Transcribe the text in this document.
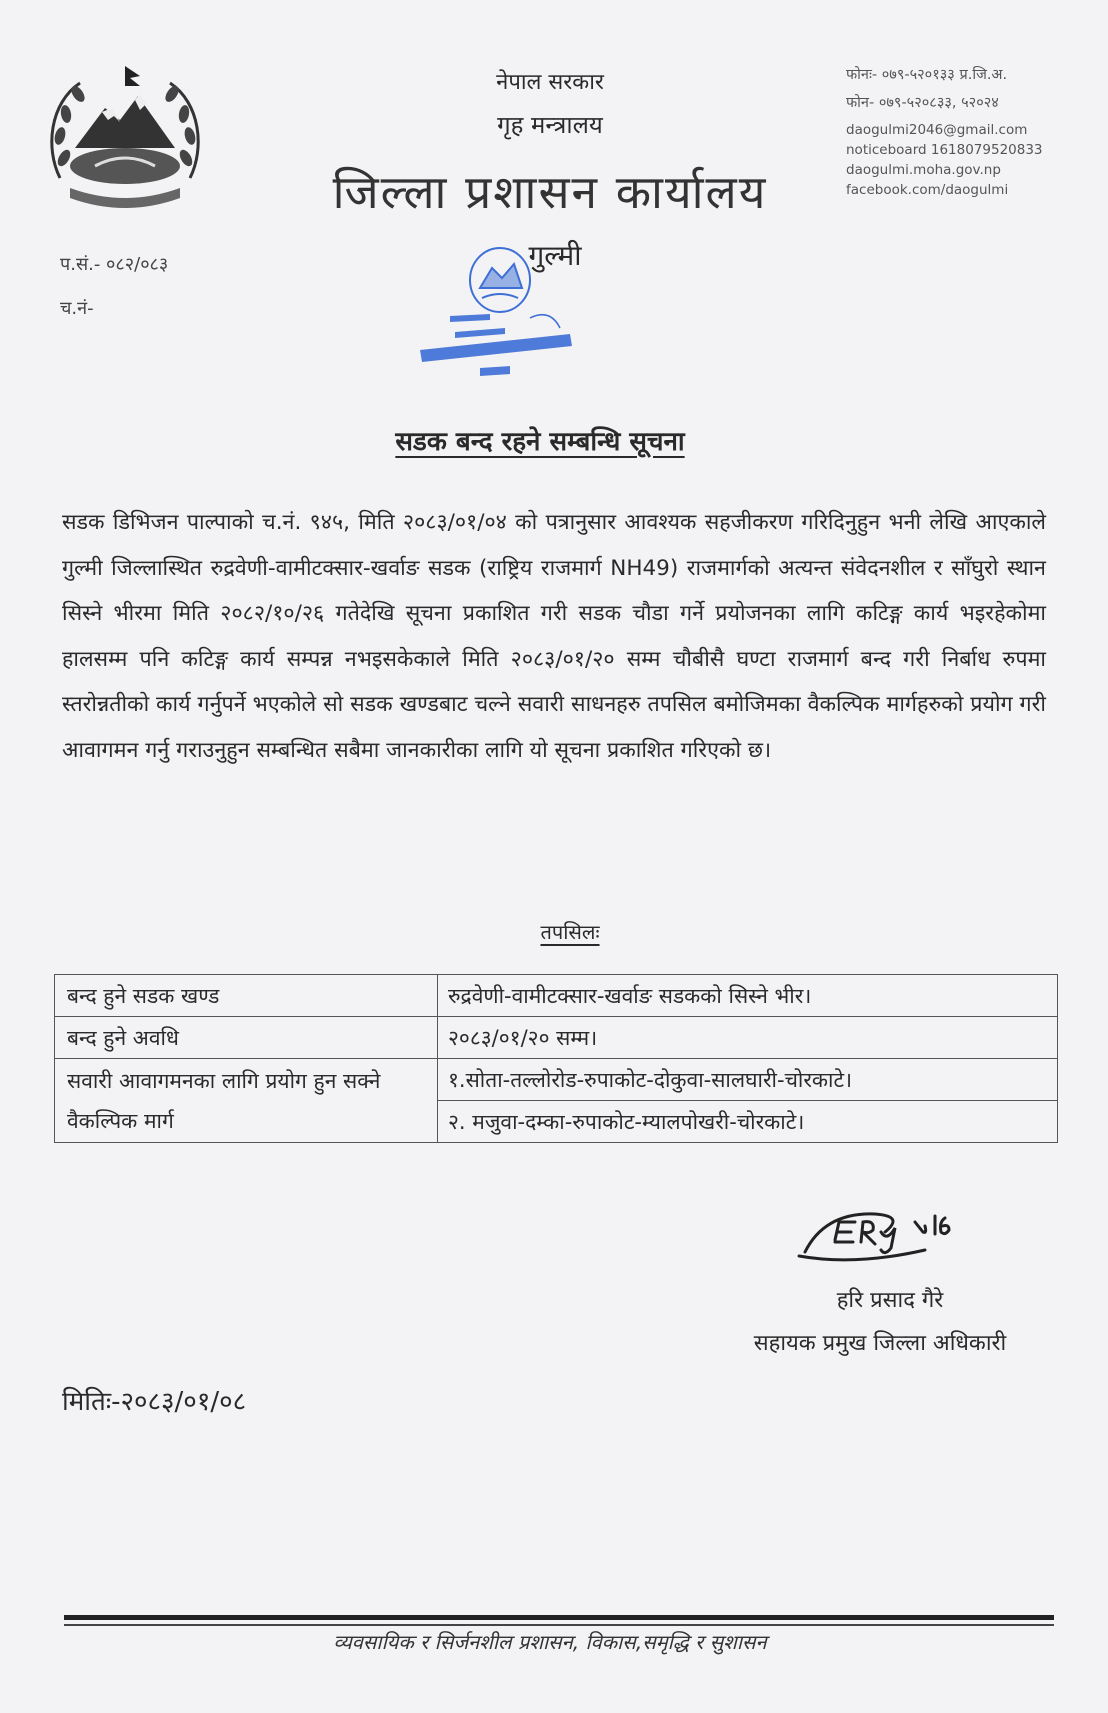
नेपाल सरकार
गृह मन्त्रालय
जिल्ला प्रशासन कार्यालय
गुल्मी
फोनः- ०७९-५२०१३३ प्र.जि.अ.
फोन- ०७९-५२०८३३, ५२०२४
daogulmi2046@gmail.com
noticeboard 1618079520833
daogulmi.moha.gov.np
facebook.com/daogulmi
प.सं.- ०८२/०८३
च.नं-
सडक बन्द रहने सम्बन्धि सूचना
सडक डिभिजन पाल्पाको च.नं. ९४५, मिति २०८३/०१/०४ को पत्रानुसार आवश्यक सहजीकरण गरिदिनुहुन भनी लेखि आएकाले गुल्मी जिल्लास्थित रुद्रवेणी-वामीटक्सार-खर्वाङ सडक (राष्ट्रिय राजमार्ग NH49) राजमार्गको अत्यन्त संवेदनशील र साँघुरो स्थान सिस्ने भीरमा मिति २०८२/१०/२६ गतेदेखि सूचना प्रकाशित गरी सडक चौडा गर्ने प्रयोजनका लागि कटिङ्ग कार्य भइरहेकोमा हालसम्म पनि कटिङ्ग कार्य सम्पन्न नभइसकेकाले मिति २०८३/०१/२० सम्म चौबीसै घण्टा राजमार्ग बन्द गरी निर्बाध रुपमा स्तरोन्नतीको कार्य गर्नुपर्ने भएकोले सो सडक खण्डबाट चल्ने सवारी साधनहरु तपसिल बमोजिमका वैकल्पिक मार्गहरुको प्रयोग गरी आवागमन गर्नु गराउनुहुन सम्बन्धित सबैमा जानकारीका लागि यो सूचना प्रकाशित गरिएको छ।
तपसिलः
बन्द हुने सडक खण्ड	रुद्रवेणी-वामीटक्सार-खर्वाङ सडकको सिस्ने भीर।
बन्द हुने अवधि	२०८३/०१/२० सम्म।
सवारी आवागमनका लागि प्रयोग हुन सक्ने वैकल्पिक मार्ग	१.सोता-तल्लोरोड-रुपाकोट-दोकुवा-सालघारी-चोरकाटे।
	२. मजुवा-दम्का-रुपाकोट-म्यालपोखरी-चोरकाटे।
हरि प्रसाद गैरे
सहायक प्रमुख जिल्ला अधिकारी
मितिः-२०८३/०१/०८
व्यवसायिक र सिर्जनशील प्रशासन, विकास,समृद्धि र सुशासन
